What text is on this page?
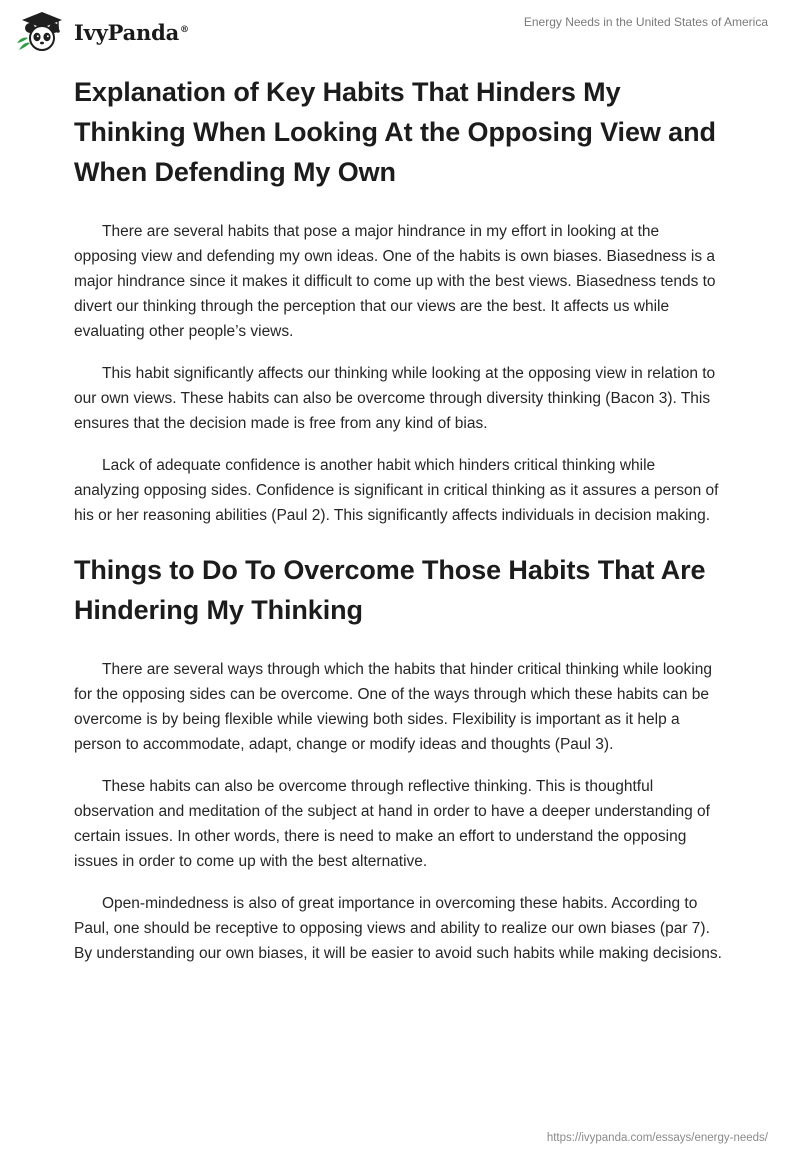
IvyPanda®
Energy Needs in the United States of America
Explanation of Key Habits That Hinders My Thinking When Looking At the Opposing View and When Defending My Own

There are several habits that pose a major hindrance in my effort in looking at the opposing view and defending my own ideas. One of the habits is own biases. Biasedness is a major hindrance since it makes it difficult to come up with the best views. Biasedness tends to divert our thinking through the perception that our views are the best. It affects us while evaluating other people’s views.

This habit significantly affects our thinking while looking at the opposing view in relation to our own views. These habits can also be overcome through diversity thinking (Bacon 3). This ensures that the decision made is free from any kind of bias.

Lack of adequate confidence is another habit which hinders critical thinking while analyzing opposing sides. Confidence is significant in critical thinking as it assures a person of his or her reasoning abilities (Paul 2). This significantly affects individuals in decision making.

Things to Do To Overcome Those Habits That Are Hindering My Thinking

There are several ways through which the habits that hinder critical thinking while looking for the opposing sides can be overcome. One of the ways through which these habits can be overcome is by being flexible while viewing both sides. Flexibility is important as it help a person to accommodate, adapt, change or modify ideas and thoughts (Paul 3).

These habits can also be overcome through reflective thinking. This is thoughtful observation and meditation of the subject at hand in order to have a deeper understanding of certain issues. In other words, there is need to make an effort to understand the opposing issues in order to come up with the best alternative.

Open-mindedness is also of great importance in overcoming these habits. According to Paul, one should be receptive to opposing views and ability to realize our own biases (par 7). By understanding our own biases, it will be easier to avoid such habits while making decisions.

https://ivypanda.com/essays/energy-needs/
